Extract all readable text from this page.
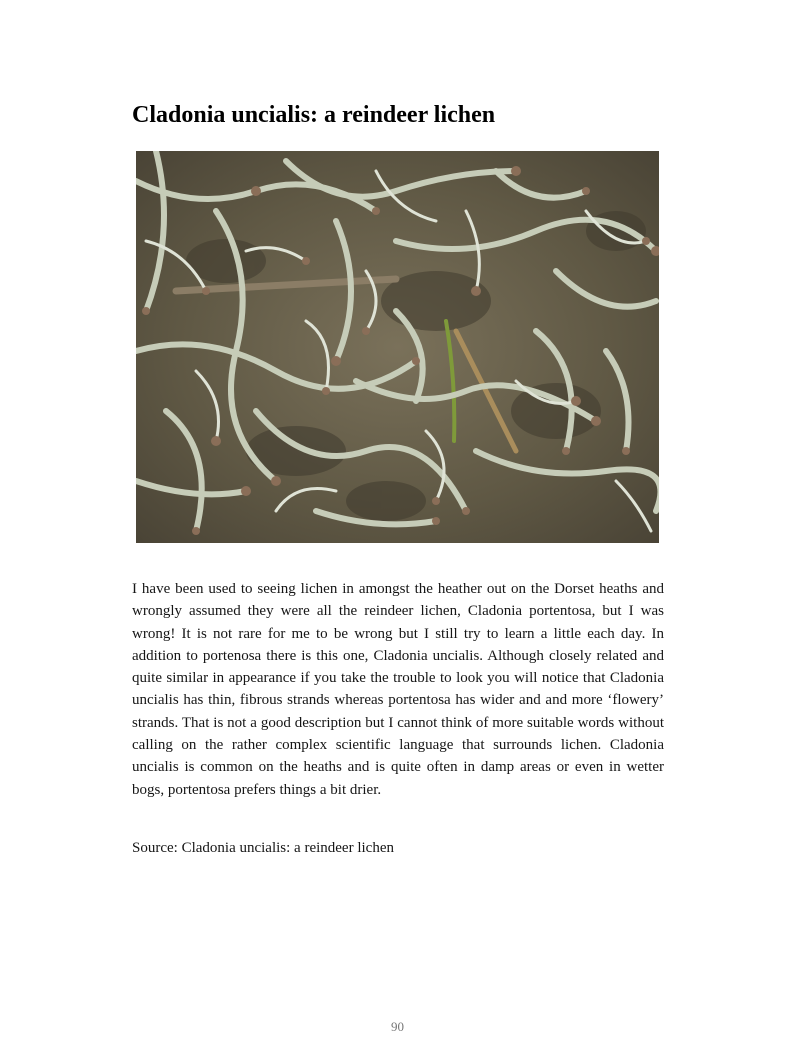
Cladonia uncialis: a reindeer lichen

I have been used to seeing lichen in amongst the heather out on the Dorset heaths and wrongly assumed they were all the reindeer lichen, Cladonia portentosa, but I was wrong! It is not rare for me to be wrong but I still try to learn a little each day. In addition to portenosa there is this one, Cladonia uncialis. Although closely related and quite similar in appearance if you take the trouble to look you will notice that Cladonia uncialis has thin, fibrous strands whereas portentosa has wider and and more ‘flowery’ strands. That is not a good description but I cannot think of more suitable words without calling on the rather complex scientific language that surrounds lichen. Cladonia uncialis is common on the heaths and is quite often in damp areas or even in wetter bogs, portentosa prefers things a bit drier.

Source: Cladonia uncialis: a reindeer lichen

90
